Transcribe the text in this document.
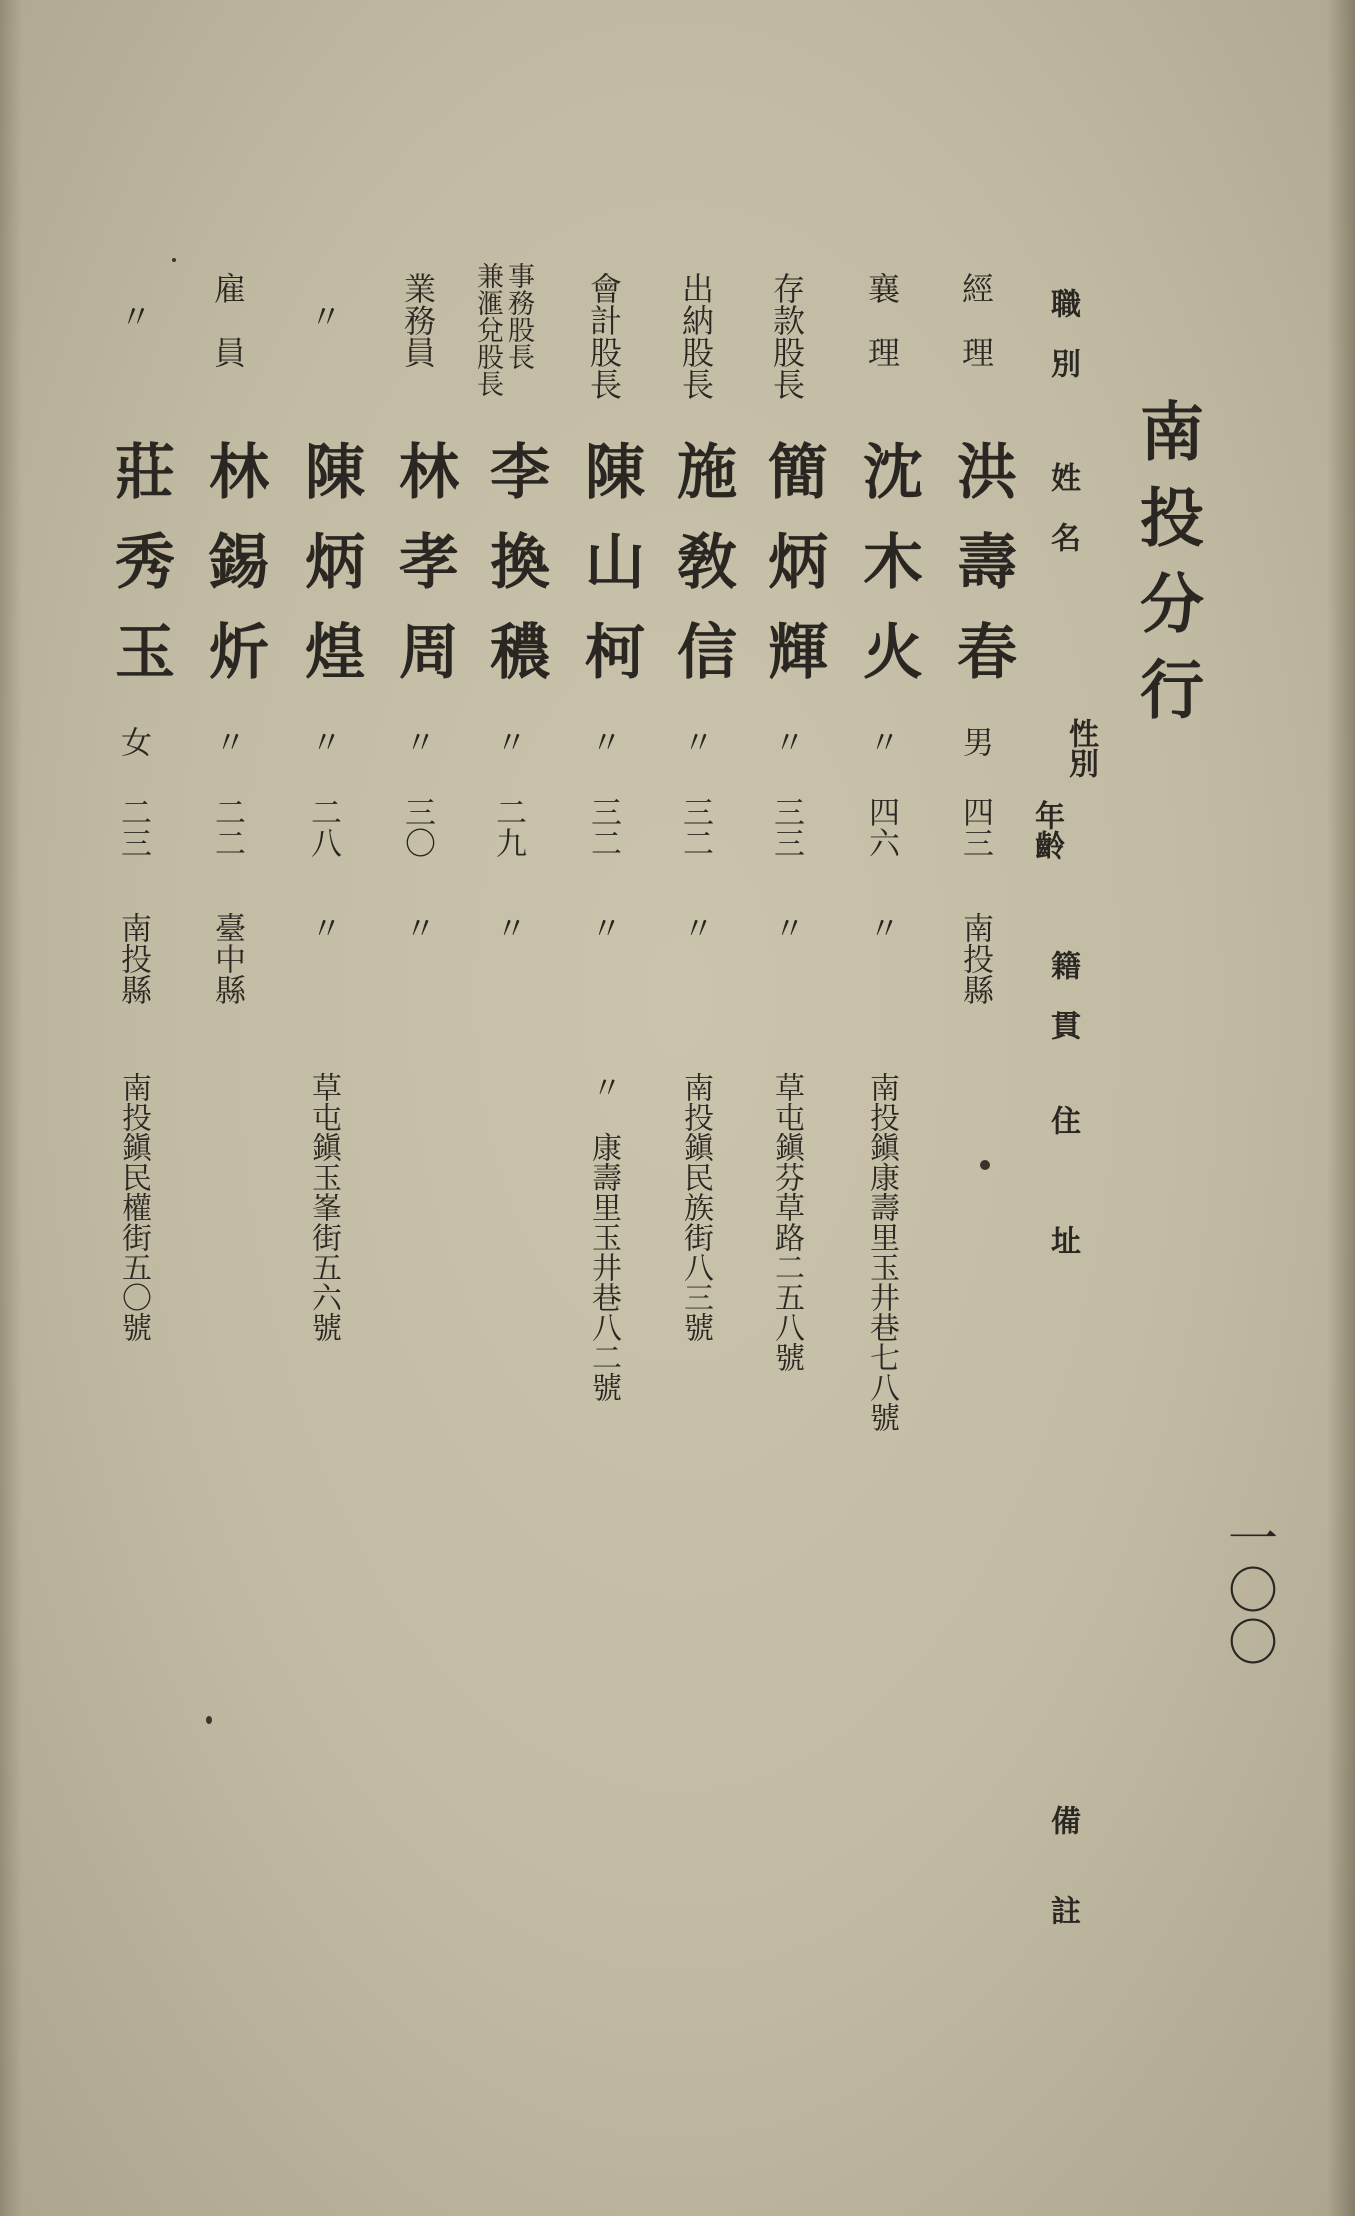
南投分行
一〇〇
職　別
姓　名
性別
年齡
籍　貫
住　　　址
備　　註
經　理
洪壽春
男
四三
南投縣
襄　理
沈木火
〃
四六
〃
南投鎭康壽里玉井巷七八號
存款股長
簡炳輝
〃
三三
〃
草屯鎭芬草路二五八號
出納股長
施敎信
〃
三二
〃
南投鎭民族街八三號
會計股長
陳山柯
〃
三二
〃
〃　康壽里玉井巷八二號
事務股長
兼滙兌股長
李換穠
〃
二九
〃
業務員
林孝周
〃
三〇
〃
〃
陳炳煌
〃
二八
〃
草屯鎭玉峯街五六號
雇　員
林錫炘
〃
二二
臺中縣
〃
莊秀玉
女
二三
南投縣
南投鎭民權街五〇號
